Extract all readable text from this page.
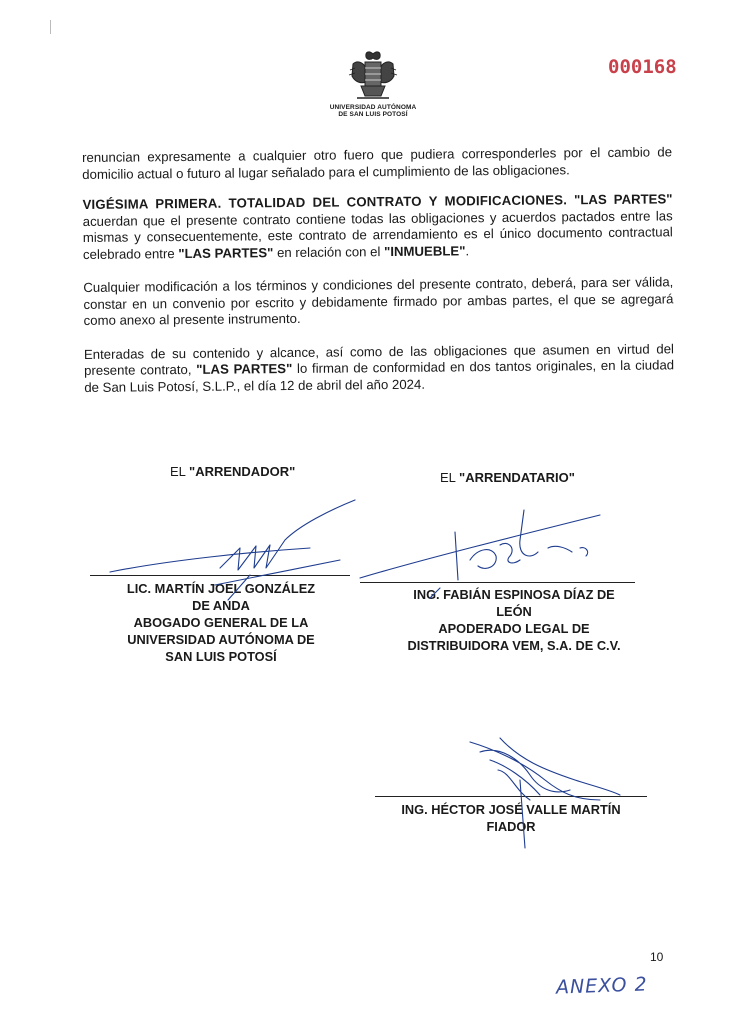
UNIVERSIDAD AUTÓNOMA
DE SAN LUIS POTOSÍ
000168

renuncian expresamente a cualquier otro fuero que pudiera corresponderles por el cambio de domicilio actual o futuro al lugar señalado para el cumplimiento de las obligaciones.

VIGÉSIMA PRIMERA. TOTALIDAD DEL CONTRATO Y MODIFICACIONES. "LAS PARTES" acuerdan que el presente contrato contiene todas las obligaciones y acuerdos pactados entre las mismas y consecuentemente, este contrato de arrendamiento es el único documento contractual celebrado entre "LAS PARTES" en relación con el "INMUEBLE".

Cualquier modificación a los términos y condiciones del presente contrato, deberá, para ser válida, constar en un convenio por escrito y debidamente firmado por ambas partes, el que se agregará como anexo al presente instrumento.

Enteradas de su contenido y alcance, así como de las obligaciones que asumen en virtud del presente contrato, "LAS PARTES" lo firman de conformidad en dos tantos originales, en la ciudad de San Luis Potosí, S.L.P., el día 12 de abril del año 2024.

EL "ARRENDADOR"	EL "ARRENDATARIO"
LIC. MARTÍN JOEL GONZÁLEZ
DE ANDA
ABOGADO GENERAL DE LA
UNIVERSIDAD AUTÓNOMA DE
SAN LUIS POTOSÍ
ING. FABIÁN ESPINOSA DÍAZ DE
LEÓN
APODERADO LEGAL DE
DISTRIBUIDORA VEM, S.A. DE C.V.
ING. HÉCTOR JOSÉ VALLE MARTÍN
FIADOR
10
ANEXO 2
